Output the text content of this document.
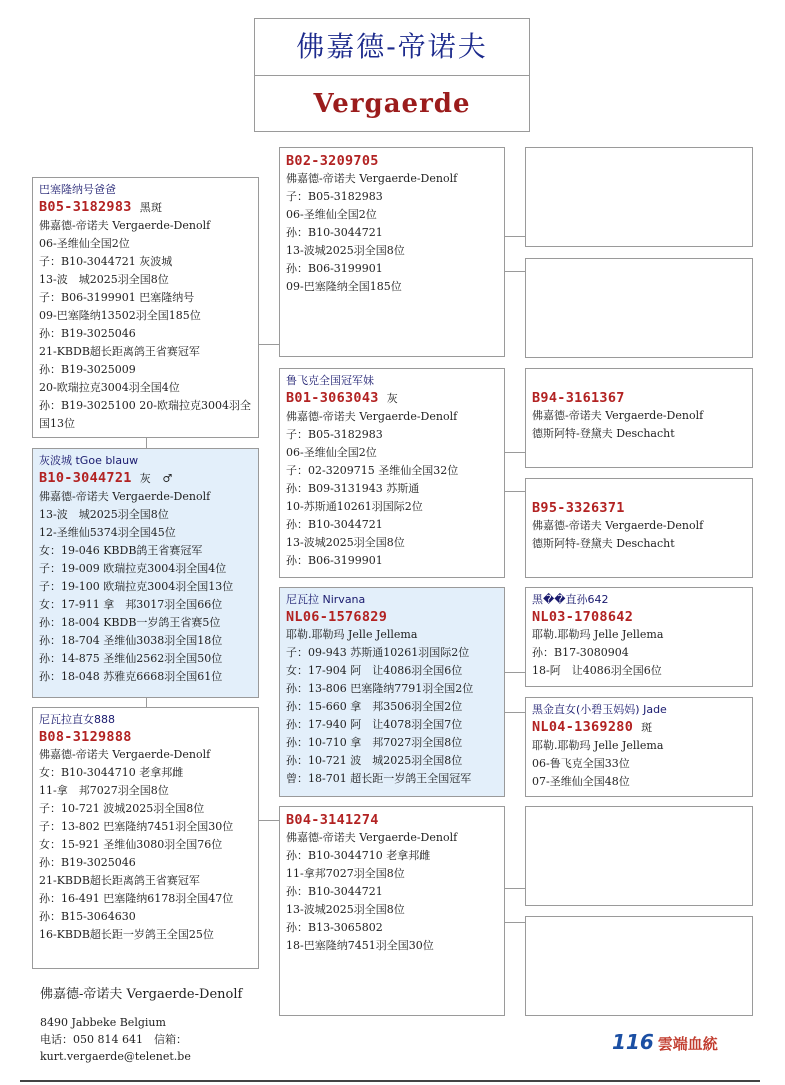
佛嘉德-帝诺夫
Vergaerde
巴塞隆纳号爸爸
B05-3182983 黑斑
佛嘉德-帝诺夫 Vergaerde-Denolf
06-圣维仙全国2位
子：B10-3044721 灰波城
13-波　城2025羽全国8位
子：B06-3199901 巴塞隆纳号
09-巴塞隆纳13502羽全国185位
孙：B19-3025046
21-KBDB超长距离鸽王省赛冠军
孙：B19-3025009
20-欧瑞拉克3004羽全国4位
孙：B19-3025100 20-欧瑞拉克3004羽全国13位
灰波城 tGoe blauw
B10-3044721 灰　♂
佛嘉德-帝诺夫 Vergaerde-Denolf
13-波　城2025羽全国8位
12-圣维仙5374羽全国45位
女：19-046 KBDB鸽王省赛冠军
子：19-009 欧瑞拉克3004羽全国4位
子：19-100 欧瑞拉克3004羽全国13位
女：17-911 拿　邦3017羽全国66位
孙：18-004 KBDB一岁鸽王省赛5位
孙：18-704 圣维仙3038羽全国18位
孙：14-875 圣维仙2562羽全国50位
孙：18-048 苏雅克6668羽全国61位
尼瓦拉直女888
B08-3129888
佛嘉德-帝诺夫 Vergaerde-Denolf
女：B10-3044710 老拿邦雌
11-拿　邦7027羽全国8位
子：10-721 波城2025羽全国8位
子：13-802 巴塞隆纳7451羽全国30位
女：15-921 圣维仙3080羽全国76位
孙：B19-3025046
21-KBDB超长距离鸽王省赛冠军
孙：16-491 巴塞隆纳6178羽全国47位
孙：B15-3064630
16-KBDB超长距一岁鸽王全国25位
B02-3209705
佛嘉德-帝诺夫 Vergaerde-Denolf
子：B05-3182983
06-圣维仙全国2位
孙：B10-3044721
13-波城2025羽全国8位
孙：B06-3199901
09-巴塞隆纳全国185位
鲁飞克全国冠军妹
B01-3063043 灰
佛嘉德-帝诺夫 Vergaerde-Denolf
子：B05-3182983
06-圣维仙全国2位
子：02-3209715 圣维仙全国32位
孙：B09-3131943 苏斯通
10-苏斯通10261羽国际2位
孙：B10-3044721
13-波城2025羽全国8位
孙：B06-3199901
尼瓦拉 Nirvana
NL06-1576829
耶勒.耶勒玛 Jelle Jellema
子：09-943 苏斯通10261羽国际2位
女：17-904 阿　让4086羽全国6位
孙：13-806 巴塞隆纳7791羽全国2位
孙：15-660 拿　邦3506羽全国2位
孙：17-940 阿　让4078羽全国7位
孙：10-710 拿　邦7027羽全国8位
孙：10-721 波　城2025羽全国8位
曾：18-701 超长距一岁鸽王全国冠军
B04-3141274
佛嘉德-帝诺夫 Vergaerde-Denolf
孙：B10-3044710 老拿邦雌
11-拿邦7027羽全国8位
孙：B10-3044721
13-波城2025羽全国8位
孙：B13-3065802
18-巴塞隆纳7451羽全国30位
B94-3161367
佛嘉德-帝诺夫 Vergaerde-Denolf
德斯阿特-登黛夫 Deschacht
B95-3326371
佛嘉德-帝诺夫 Vergaerde-Denolf
德斯阿特-登黛夫 Deschacht
黑��直孙642
NL03-1708642
耶勒.耶勒玛 Jelle Jellema
孙：B17-3080904
18-阿　让4086羽全国6位
黑金直女(小碧玉妈妈) Jade
NL04-1369280 斑
耶勒.耶勒玛 Jelle Jellema
06-鲁飞克全国33位
07-圣维仙全国48位
佛嘉德-帝诺夫 Vergaerde-Denolf
8490 Jabbeke Belgium
电话：050 814 641　信箱：kurt.vergaerde@telenet.be
116 雲端血統
